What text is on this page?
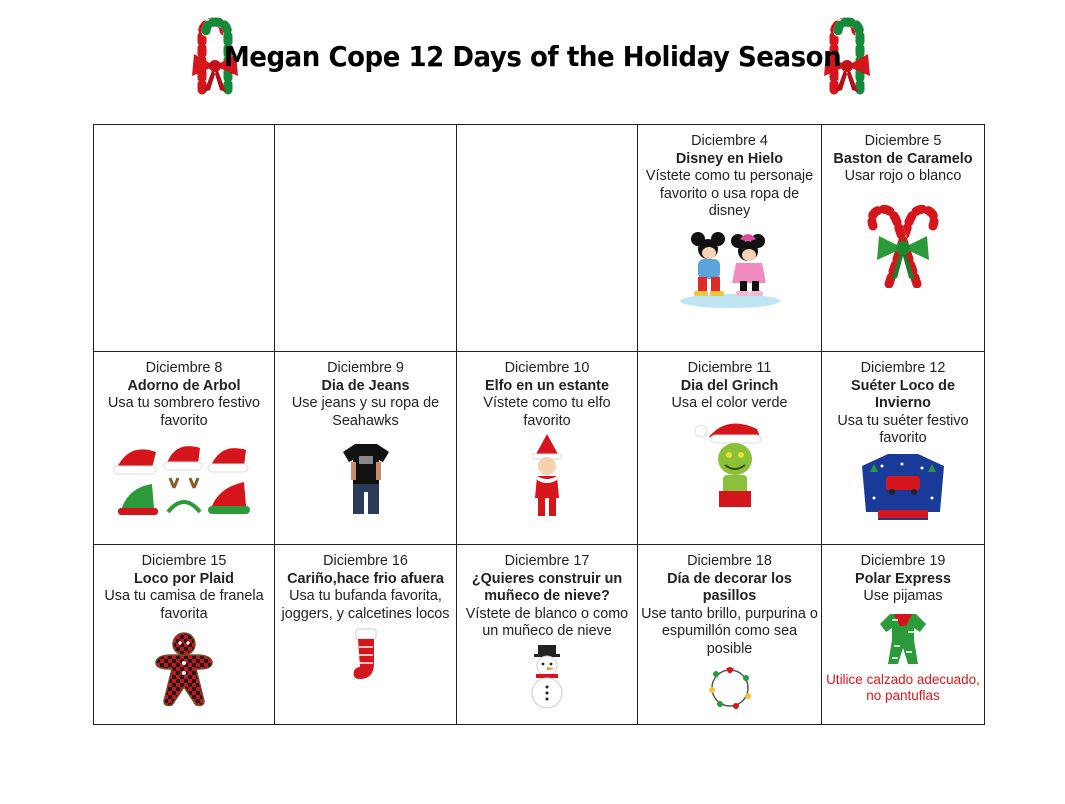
Megan Cope 12 Days of the Holiday Season

			Diciembre 4
Disney en Hielo
Vístete como tu personaje favorito o usa ropa de disney	Diciembre 5
Baston de Caramelo
Usar rojo o blanco

Diciembre 8
Adorno de Arbol
Usa tu sombrero festivo favorito	Diciembre 9
Dia de Jeans
Use jeans y su ropa de Seahawks	Diciembre 10
Elfo en un estante
Vístete como tu elfo favorito	Diciembre 11
Dia del Grinch
Usa el color verde	Diciembre 12
Suéter Loco de Invierno
Usa tu suéter festivo favorito

Diciembre 15
Loco por Plaid
Usa tu camisa de franela favorita	Diciembre 16
Cariño,hace frio afuera
Usa tu bufanda favorita, joggers, y calcetines locos	Diciembre 17
¿Quieres construir un muñeco de nieve?
Vístete de blanco o como un muñeco de nieve	Diciembre 18
Día de decorar los pasillos
Use tanto brillo, purpurina o espumillón como sea posible	Diciembre 19
Polar Express
Use pijamas
Utilice calzado adecuado, no pantuflas
